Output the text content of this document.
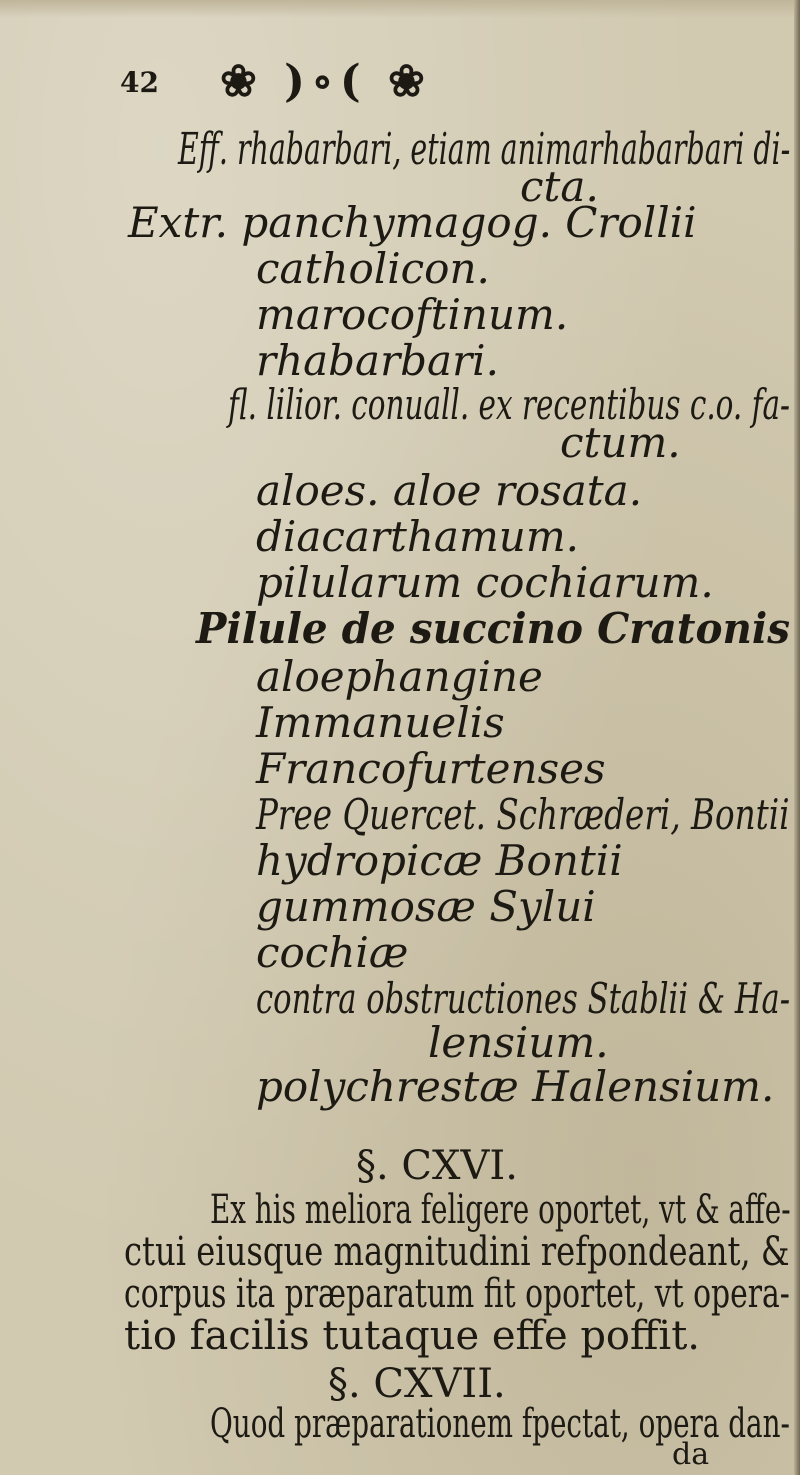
42 ❀ )∘( ❀
Eff. rhabarbari, etiam animarhabarbari di-
cta.
Extr. panchymagog. Crollii
catholicon.
marocoftinum.
rhabarbari.
fl. lilior. conuall. ex recentibus c.o. fa-
ctum.
aloes. aloe rosata.
diacarthamum.
pilularum cochiarum.
Pilule de succino Cratonis
aloephangine
Immanuelis
Francofurtenses
Pree Quercet. Schræderi, Bontii
hydropicæ Bontii
gummosæ Sylui
cochiæ
contra obstructiones Stablii & Ha-
lensium.
polychrestæ Halensium.
§. CXVI.
Ex his meliora feligere oportet, vt & affe-
ctui eiusque magnitudini refpondeant, &
corpus ita præparatum fit oportet, vt opera-
tio facilis tutaque effe poffit.
§. CXVII.
Quod præparationem fpectat, opera dan-
da
